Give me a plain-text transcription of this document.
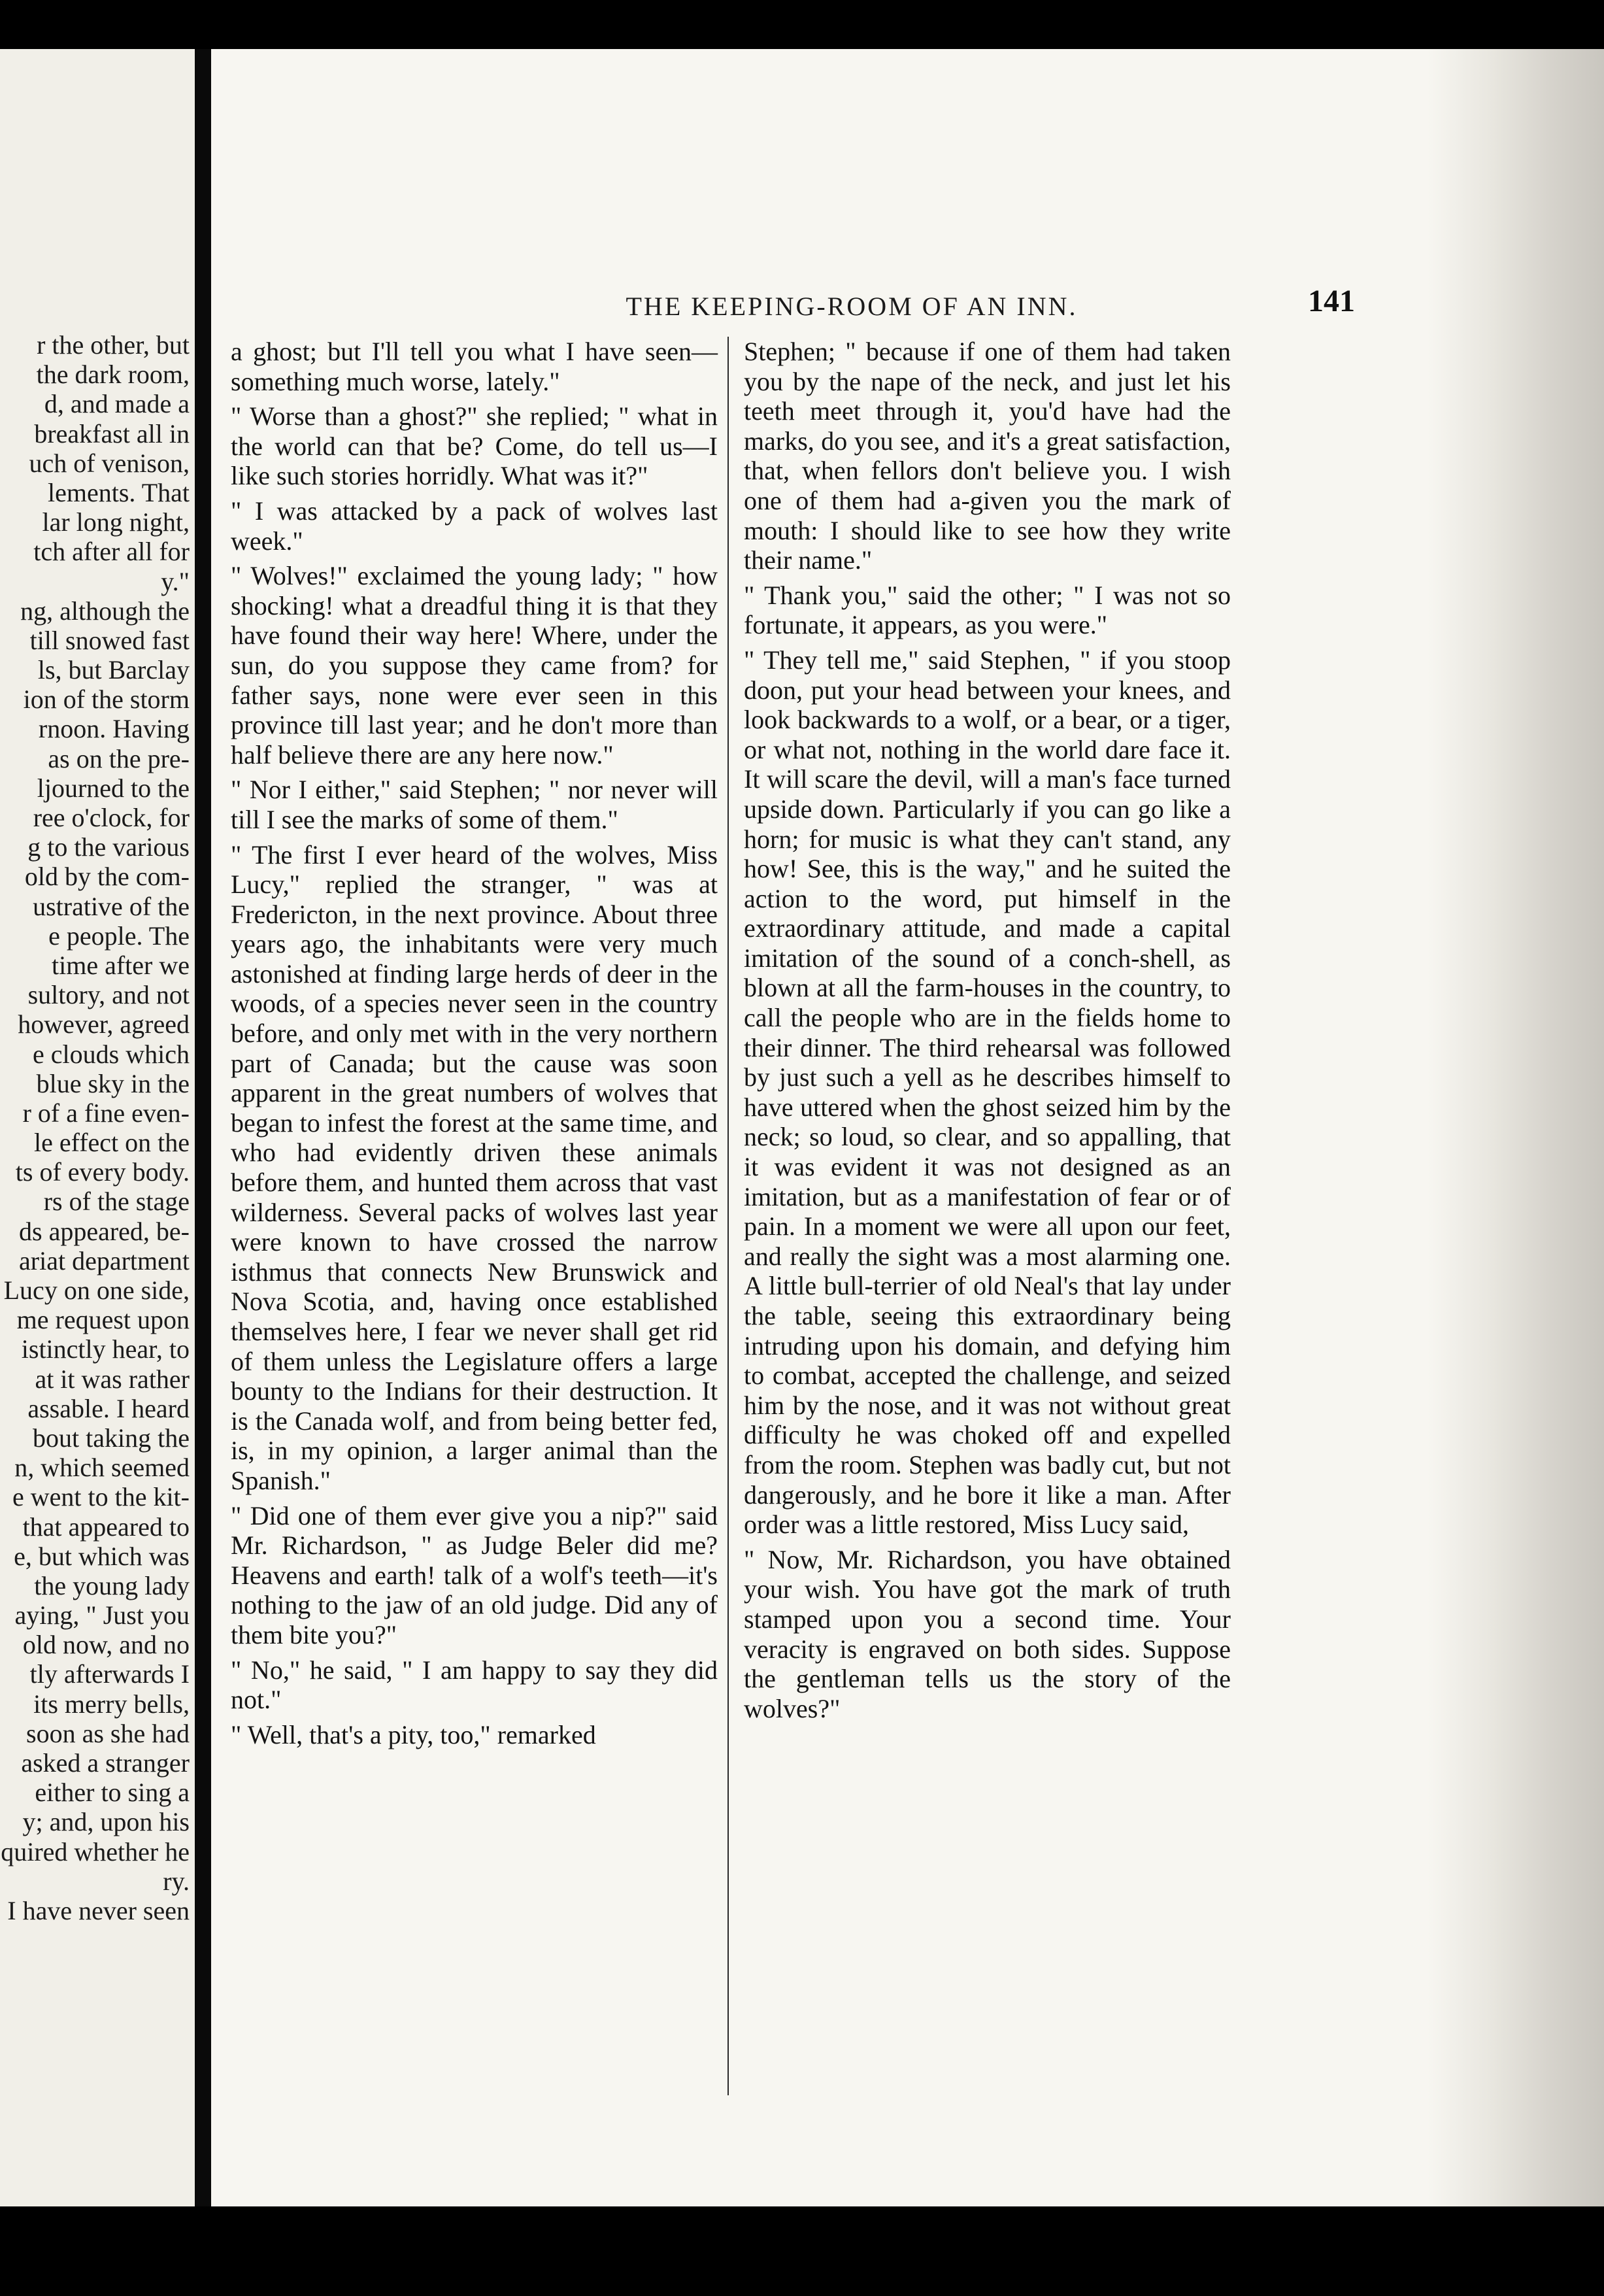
r the other, but
the dark room,
d, and made a
breakfast all in
uch of venison,
lements. That
lar long night,
tch after all for
y."
ng, although the
till snowed fast
ls, but Barclay
ion of the storm
rnoon. Having
as on the pre-
ljourned to the
ree o'clock, for
g to the various
old by the com-
ustrative of the
e people. The
time after we
sultory, and not
however, agreed
e clouds which
blue sky in the
r of a fine even-
le effect on the
ts of every body.
rs of the stage
ds appeared, be-
ariat department
Lucy on one side,
me request upon
istinctly hear, to
at it was rather
assable. I heard
bout taking the
n, which seemed
e went to the kit-
that appeared to
e, but which was
the young lady
aying, " Just you
old now, and no
tly afterwards I
its merry bells,
soon as she had
asked a stranger
either to sing a
y; and, upon his
quired whether he
ry.
I have never seen
THE KEEPING-ROOM OF AN INN.	141

a ghost; but I'll tell you what I have seen—something much worse, lately."

" Worse than a ghost?" she replied; " what in the world can that be? Come, do tell us—I like such stories horridly. What was it?"

" I was attacked by a pack of wolves last week."

" Wolves!" exclaimed the young lady; " how shocking! what a dreadful thing it is that they have found their way here! Where, under the sun, do you suppose they came from? for father says, none were ever seen in this province till last year; and he don't more than half believe there are any here now."

" Nor I either," said Stephen; " nor never will till I see the marks of some of them."

" The first I ever heard of the wolves, Miss Lucy," replied the stranger, " was at Fredericton, in the next province. About three years ago, the inhabitants were very much astonished at finding large herds of deer in the woods, of a species never seen in the country before, and only met with in the very northern part of Canada; but the cause was soon apparent in the great numbers of wolves that began to infest the forest at the same time, and who had evidently driven these animals before them, and hunted them across that vast wilderness. Several packs of wolves last year were known to have crossed the narrow isthmus that connects New Brunswick and Nova Scotia, and, having once established themselves here, I fear we never shall get rid of them unless the Legislature offers a large bounty to the Indians for their destruction. It is the Canada wolf, and from being better fed, is, in my opinion, a larger animal than the Spanish."

" Did one of them ever give you a nip?" said Mr. Richardson, " as Judge Beler did me? Heavens and earth! talk of a wolf's teeth—it's nothing to the jaw of an old judge. Did any of them bite you?"

" No," he said, " I am happy to say they did not."

" Well, that's a pity, too," remarked

Stephen; " because if one of them had taken you by the nape of the neck, and just let his teeth meet through it, you'd have had the marks, do you see, and it's a great satisfaction, that, when fellors don't believe you. I wish one of them had a-given you the mark of mouth: I should like to see how they write their name."

" Thank you," said the other; " I was not so fortunate, it appears, as you were."

" They tell me," said Stephen, " if you stoop doon, put your head between your knees, and look backwards to a wolf, or a bear, or a tiger, or what not, nothing in the world dare face it. It will scare the devil, will a man's face turned upside down. Particularly if you can go like a horn; for music is what they can't stand, any how! See, this is the way," and he suited the action to the word, put himself in the extraordinary attitude, and made a capital imitation of the sound of a conch-shell, as blown at all the farm-houses in the country, to call the people who are in the fields home to their dinner. The third rehearsal was followed by just such a yell as he describes himself to have uttered when the ghost seized him by the neck; so loud, so clear, and so appalling, that it was evident it was not designed as an imitation, but as a manifestation of fear or of pain. In a moment we were all upon our feet, and really the sight was a most alarming one. A little bull-terrier of old Neal's that lay under the table, seeing this extraordinary being intruding upon his domain, and defying him to combat, accepted the challenge, and seized him by the nose, and it was not without great difficulty he was choked off and expelled from the room. Stephen was badly cut, but not dangerously, and he bore it like a man. After order was a little restored, Miss Lucy said,

" Now, Mr. Richardson, you have obtained your wish. You have got the mark of truth stamped upon you a second time. Your veracity is engraved on both sides. Suppose the gentleman tells us the story of the wolves?"
